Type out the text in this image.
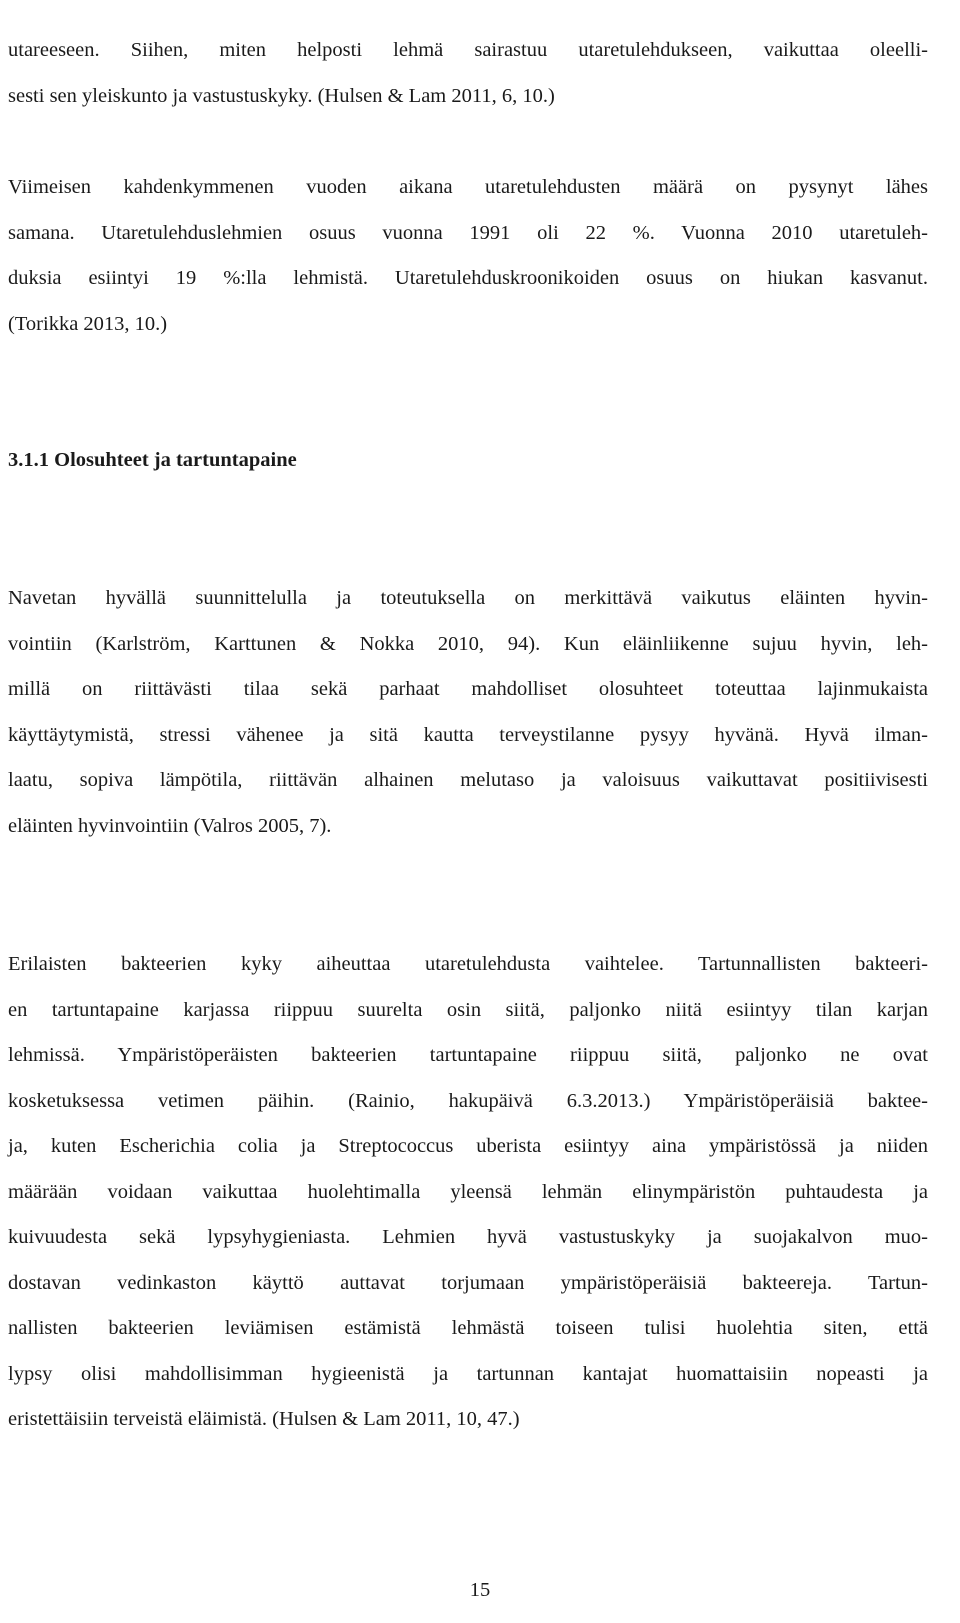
utareeseen. Siihen, miten helposti lehmä sairastuu utaretulehdukseen, vaikuttaa oleelli-
sesti sen yleiskunto ja vastustuskyky. (Hulsen & Lam 2011, 6, 10.)
Viimeisen kahdenkymmenen vuoden aikana utaretulehdusten määrä on pysynyt lähes
samana. Utaretulehduslehmien osuus vuonna 1991 oli 22 %. Vuonna 2010 utaretuleh-
duksia esiintyi 19 %:lla lehmistä. Utaretulehduskroonikoiden osuus on hiukan kasvanut.
(Torikka 2013, 10.)
3.1.1 Olosuhteet ja tartuntapaine
Navetan hyvällä suunnittelulla ja toteutuksella on merkittävä vaikutus eläinten hyvin-
vointiin (Karlström, Karttunen & Nokka 2010, 94). Kun eläinliikenne sujuu hyvin, leh-
millä on riittävästi tilaa sekä parhaat mahdolliset olosuhteet toteuttaa lajinmukaista
käyttäytymistä, stressi vähenee ja sitä kautta terveystilanne pysyy hyvänä. Hyvä ilman-
laatu, sopiva lämpötila, riittävän alhainen melutaso ja valoisuus vaikuttavat positiivisesti
eläinten hyvinvointiin (Valros 2005, 7).
Erilaisten bakteerien kyky aiheuttaa utaretulehdusta vaihtelee. Tartunnallisten bakteeri-
en tartuntapaine karjassa riippuu suurelta osin siitä, paljonko niitä esiintyy tilan karjan
lehmissä. Ympäristöperäisten bakteerien tartuntapaine riippuu siitä, paljonko ne ovat
kosketuksessa vetimen päihin. (Rainio, hakupäivä 6.3.2013.) Ympäristöperäisiä baktee-
ja, kuten Escherichia colia ja Streptococcus uberista esiintyy aina ympäristössä ja niiden
määrään voidaan vaikuttaa huolehtimalla yleensä lehmän elinympäristön puhtaudesta ja
kuivuudesta sekä lypsyhygieniasta. Lehmien hyvä vastustuskyky ja suojakalvon muo-
dostavan vedinkaston käyttö auttavat torjumaan ympäristöperäisiä bakteereja. Tartun-
nallisten bakteerien leviämisen estämistä lehmästä toiseen tulisi huolehtia siten, että
lypsy olisi mahdollisimman hygieenistä ja tartunnan kantajat huomattaisiin nopeasti ja
eristettäisiin terveistä eläimistä. (Hulsen & Lam 2011, 10, 47.)
15
